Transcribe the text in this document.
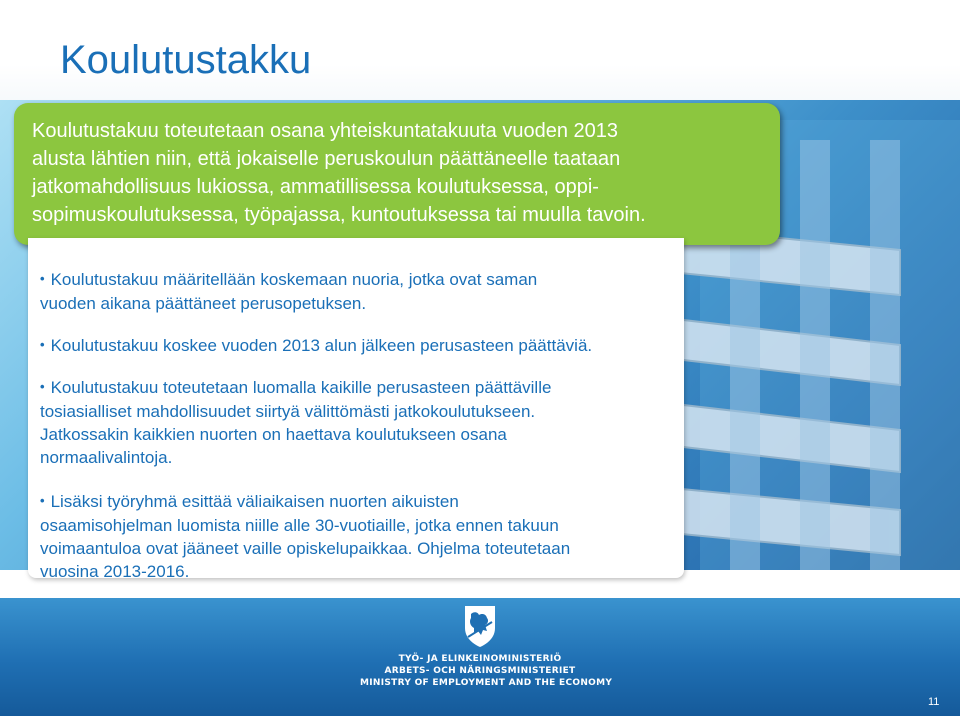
Koulutustakku
Koulutustakuu toteutetaan osana yhteiskuntatakuuta vuoden 2013
alusta lähtien niin, että jokaiselle peruskoulun päättäneelle taataan
jatkomahdollisuus lukiossa, ammatillisessa koulutuksessa, oppi-
sopimuskoulutuksessa, työpajassa, kuntoutuksessa tai muulla tavoin.
• Koulutustakuu määritellään koskemaan nuoria, jotka ovat saman
vuoden aikana päättäneet perusopetuksen.
• Koulutustakuu koskee vuoden 2013 alun jälkeen perusasteen päättäviä.
• Koulutustakuu toteutetaan luomalla kaikille perusasteen päättäville
tosiasialliset mahdollisuudet siirtyä välittömästi jatkokoulutukseen.
Jatkossakin kaikkien nuorten on haettava koulutukseen osana
normaalivalintoja.
• Lisäksi työryhmä esittää väliaikaisen nuorten aikuisten
osaamisohjelman luomista niille alle 30-vuotiaille, jotka ennen takuun
voimaantuloa ovat jääneet vaille opiskelupaikkaa. Ohjelma toteutetaan
vuosina 2013-2016.
TYÖ- JA ELINKEINOMINISTERIÖ
ARBETS- OCH NÄRINGSMINISTERIET
MINISTRY OF EMPLOYMENT AND THE ECONOMY
11
